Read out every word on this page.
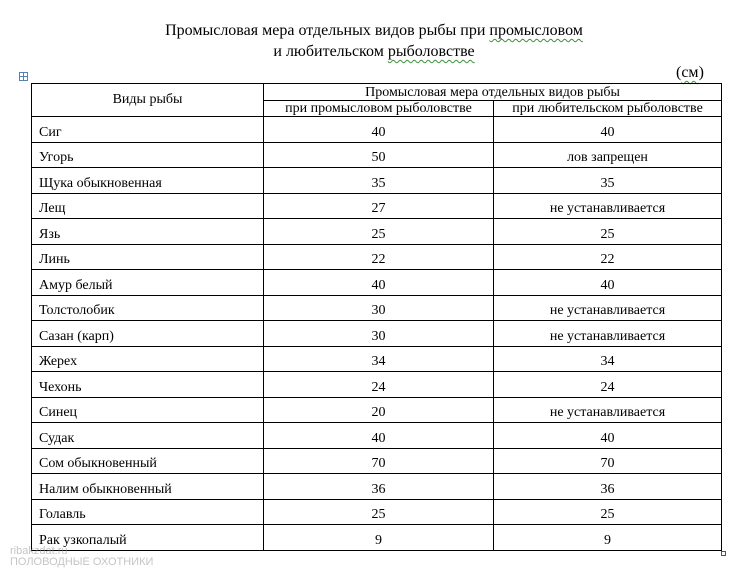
Промысловая мера отдельных видов рыбы при промысловом
и любительском рыболовстве
(см)
Виды рыбы	Промысловая мера отдельных видов рыбы	
	при промысловом рыболовстве	при любительском рыболовстве
Сиг	40	40
Угорь	50	лов запрещен
Щука обыкновенная	35	35
Лещ	27	не устанавливается
Язь	25	25
Линь	22	22
Амур белый	40	40
Толстолобик	30	не устанавливается
Сазан (карп)	30	не устанавливается
Жерех	34	34
Чехонь	24	24
Синец	20	не устанавливается
Судак	40	40
Сом обыкновенный	70	70
Налим обыкновенный	36	36
Голавль	25	25
Рак узкопалый	9	9
ribakzdat.ru
ПОЛОВОДНЫЕ ОХОТНИКИ
